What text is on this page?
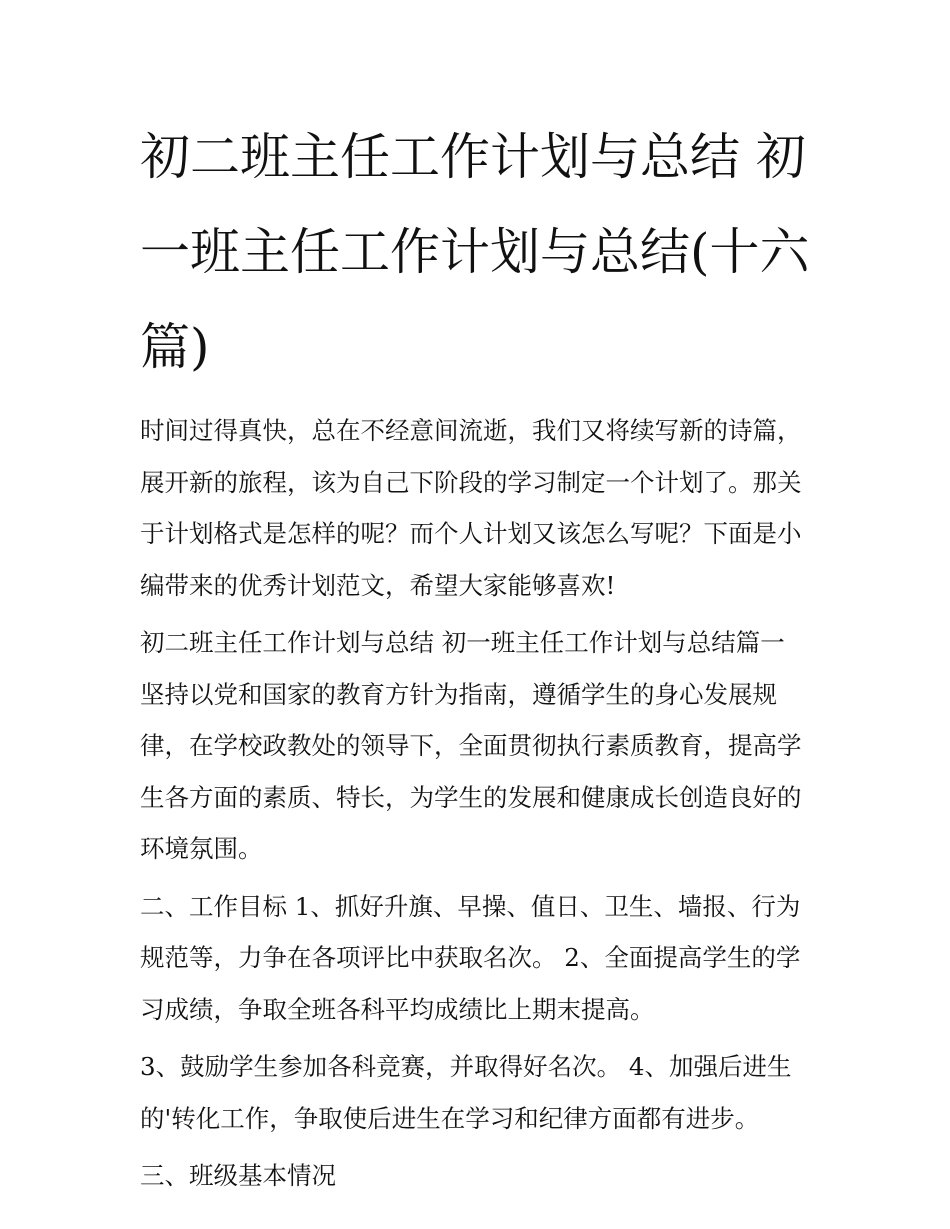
初二班主任工作计划与总结 初一班主任工作计划与总结(十六篇)

时间过得真快，总在不经意间流逝，我们又将续写新的诗篇，展开新的旅程，该为自己下阶段的学习制定一个计划了。那关于计划格式是怎样的呢？而个人计划又该怎么写呢？下面是小编带来的优秀计划范文，希望大家能够喜欢!

初二班主任工作计划与总结 初一班主任工作计划与总结篇一

坚持以党和国家的教育方针为指南，遵循学生的身心发展规律，在学校政教处的领导下，全面贯彻执行素质教育，提高学生各方面的素质、特长，为学生的发展和健康成长创造良好的环境氛围。

二、工作目标 1、抓好升旗、早操、值日、卫生、墙报、行为规范等，力争在各项评比中获取名次。 2、全面提高学生的学习成绩，争取全班各科平均成绩比上期末提高。

3、鼓励学生参加各科竞赛，并取得好名次。 4、加强后进生的'转化工作，争取使后进生在学习和纪律方面都有进步。

三、班级基本情况
